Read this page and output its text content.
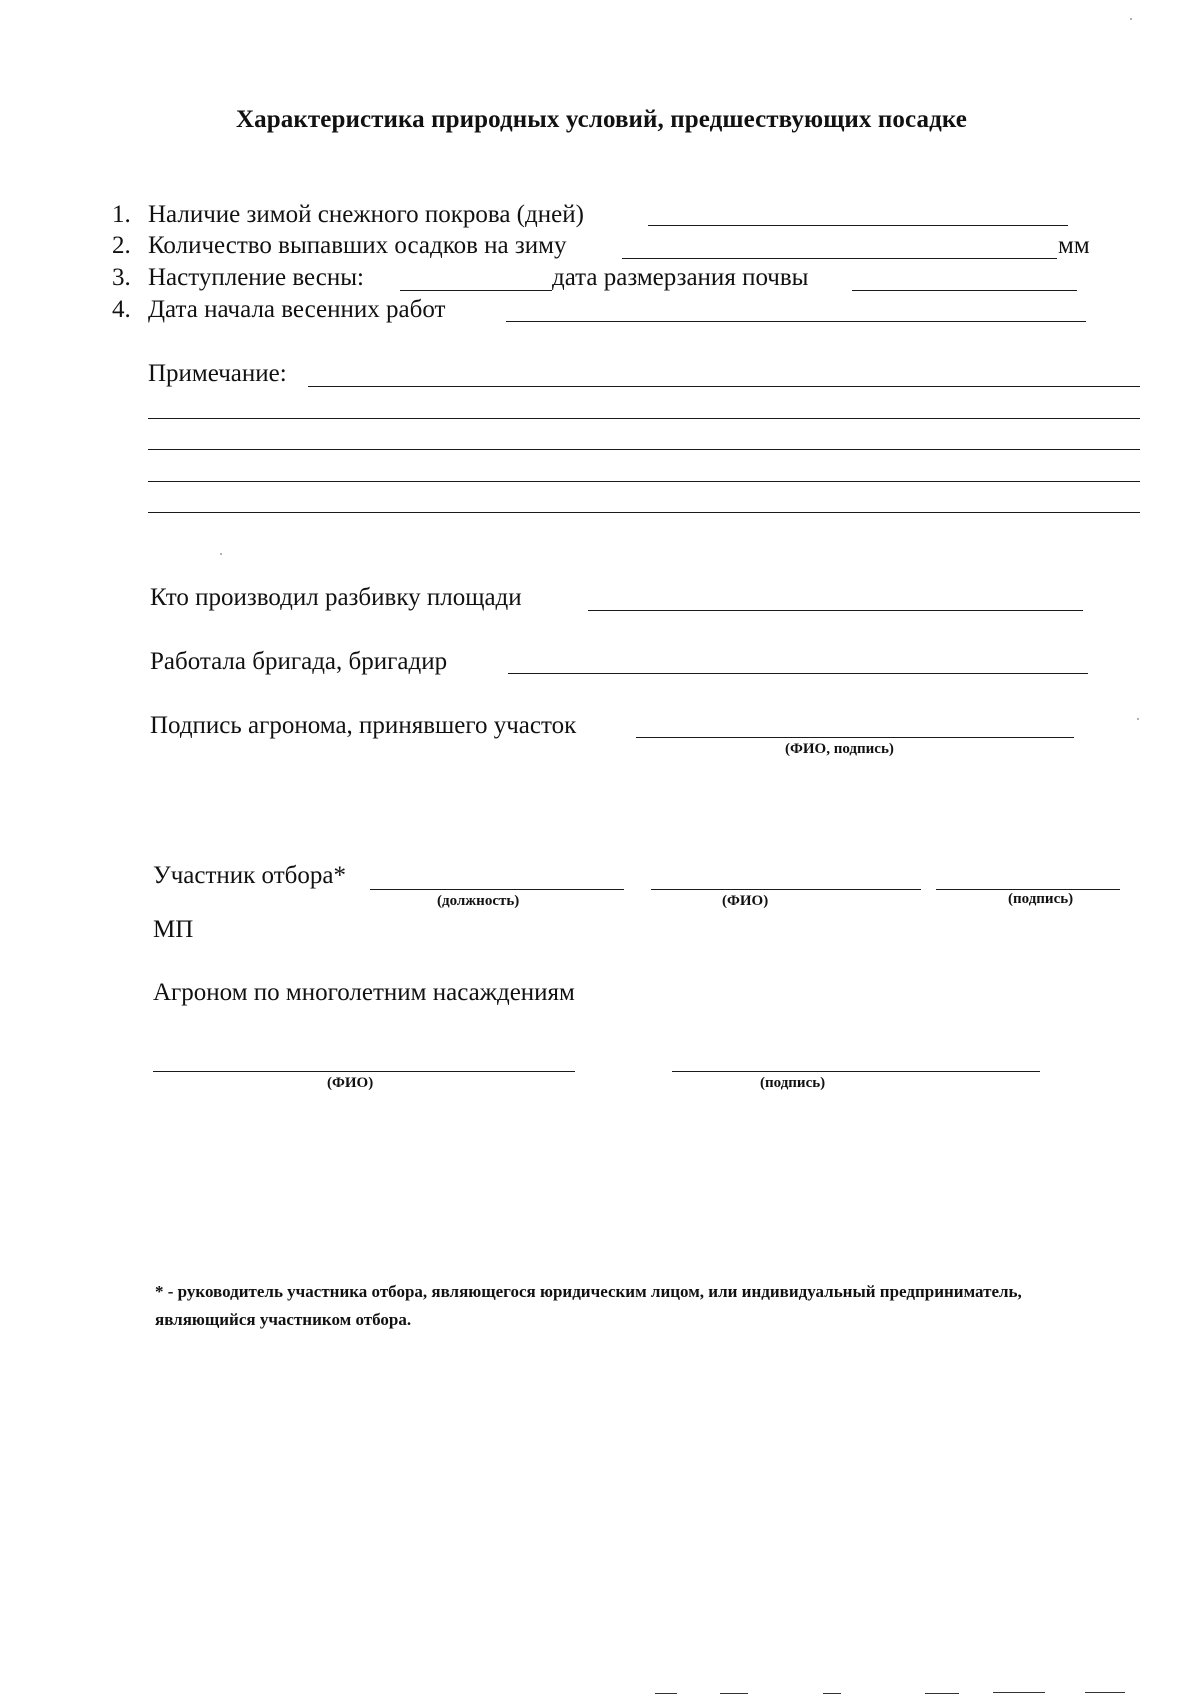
Характеристика природных условий, предшествующих посадке
1. Наличие зимой снежного покрова (дней)
2. Количество выпавших осадков на зиму	мм
3. Наступление весны:	дата размерзания почвы
4. Дата начала весенних работ
Примечание:
Кто производил разбивку площади
Работала бригада, бригадир
Подпись агронома, принявшего участок
(ФИО, подпись)
Участник отбора*
(должность)	(ФИО)	(подпись)
МП
Агроном по многолетним насаждениям
(ФИО)	(подпись)
* - руководитель участника отбора, являющегося юридическим лицом, или индивидуальный предприниматель, являющийся участником отбора.
